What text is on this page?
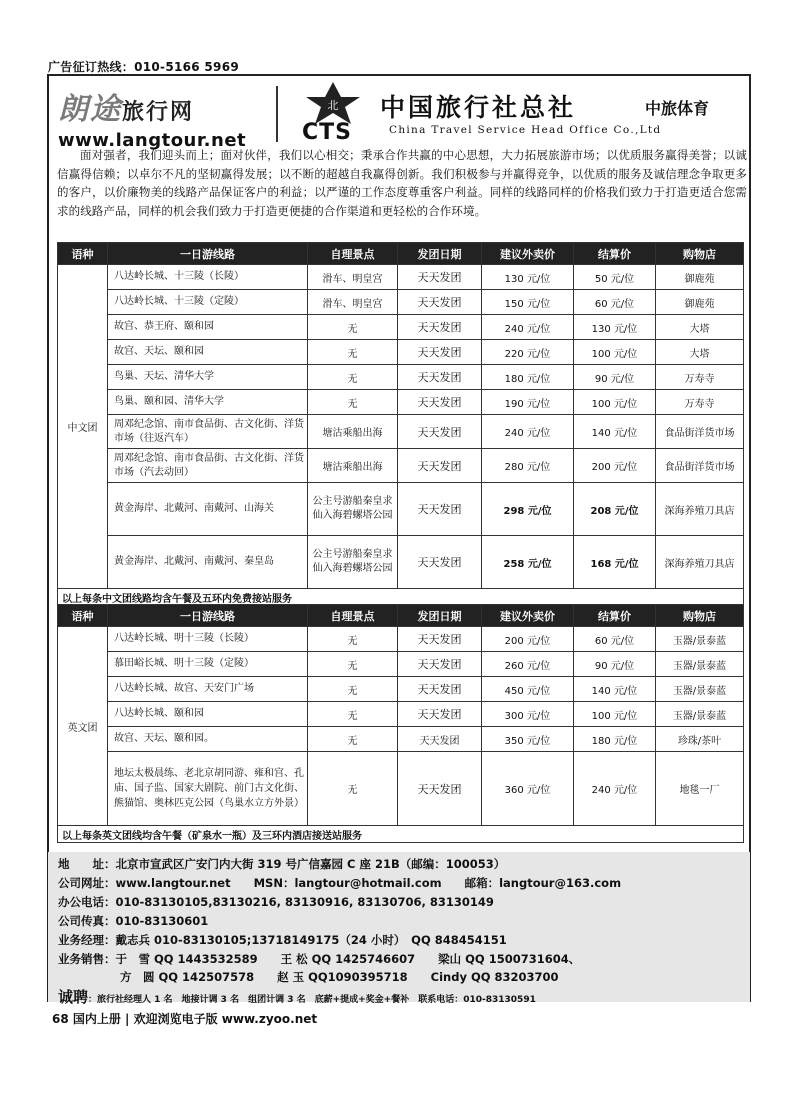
广告征订热线：010-5166 5969
朗途旅行网
www.langtour.net
北
CTS
中国旅行社总社	中旅体育
China Travel Service Head Office Co.,Ltd
面对强者，我们迎头而上；面对伙伴，我们以心相交；秉承合作共赢的中心思想，大力拓展旅游市场；以优质服务赢得美誉；以诚信赢得信赖；以卓尔不凡的坚韧赢得发展；以不断的超越自我赢得创新。我们积极参与并赢得竞争，以优质的服务及诚信理念争取更多的客户，以价廉物美的线路产品保证客户的利益；以严谨的工作态度尊重客户利益。同样的线路同样的价格我们致力于打造更适合您需求的线路产品，同样的机会我们致力于打造更便捷的合作渠道和更轻松的合作环境。
语种	一日游线路	自理景点	发团日期	建议外卖价	结算价	购物店
中文团	八达岭长城、十三陵（长陵）	滑车、明皇宫	天天发团	130 元/位	50 元/位	御鹿苑
	八达岭长城、十三陵（定陵）	滑车、明皇宫	天天发团	150 元/位	60 元/位	御鹿苑
	故宫、恭王府、颐和园	无	天天发团	240 元/位	130 元/位	大塔
	故宫、天坛、颐和园	无	天天发团	220 元/位	100 元/位	大塔
	鸟巢、天坛、清华大学	无	天天发团	180 元/位	90 元/位	万寿寺
	鸟巢、颐和园、清华大学	无	天天发团	190 元/位	100 元/位	万寿寺
	周邓纪念馆、南市食品街、古文化街、洋货市场（往返汽车）	塘沽乘船出海	天天发团	240 元/位	140 元/位	食品街洋货市场
	周邓纪念馆、南市食品街、古文化街、洋货市场（汽去动回）	塘沽乘船出海	天天发团	280 元/位	200 元/位	食品街洋货市场
	黄金海岸、北戴河、南戴河、山海关	公主号游船秦皇求仙入海碧螺塔公园	天天发团	298 元/位	208 元/位	深海养殖刀具店
	黄金海岸、北戴河、南戴河、秦皇岛	公主号游船秦皇求仙入海碧螺塔公园	天天发团	258 元/位	168 元/位	深海养殖刀具店
以上每条中文团线路均含午餐及五环内免费接站服务						
语种	一日游线路	自理景点	发团日期	建议外卖价	结算价	购物店
英文团	八达岭长城、明十三陵（长陵）	无	天天发团	200 元/位	60 元/位	玉器/景泰蓝
	慕田峪长城、明十三陵（定陵）	无	天天发团	260 元/位	90 元/位	玉器/景泰蓝
	八达岭长城、故宫、天安门广场	无	天天发团	450 元/位	140 元/位	玉器/景泰蓝
	八达岭长城、颐和园	无	天天发团	300 元/位	100 元/位	玉器/景泰蓝
	故宫、天坛、颐和园。	无	天天发团	350 元/位	180 元/位	珍珠/茶叶
	地坛太极晨练、老北京胡同游、雍和宫、孔庙、国子监、国家大剧院、前门古文化街、熊猫馆、奥林匹克公园（鸟巢水立方外景）	无	天天发团	360 元/位	240 元/位	地毯一厂
以上每条英文团线均含午餐（矿泉水一瓶）及三环内酒店接送站服务						
地　　址：北京市宣武区广安门内大街 319 号广信嘉园 C 座 21B（邮编：100053）
公司网址：www.langtour.net　　MSN：langtour@hotmail.com　　邮箱：langtour@163.com
办公电话：010-83130105,83130216, 83130916, 83130706, 83130149
公司传真：010-83130601
业务经理：戴志兵 010-83130105;13718149175（24 小时）　QQ 848454151
业务销售：于　雪 QQ 1443532589　　王 松 QQ 1425746607　　梁山 QQ 1500731604、
方　圆 QQ 142507578　　赵 玉 QQ1090395718　　Cindy QQ 83203700
诚聘：旅行社经理人 1 名　地接计调 3 名　组团计调 3 名　底薪+提成+奖金+餐补　联系电话：010-83130591
68 国内上册 | 欢迎浏览电子版 www.zyoo.net
